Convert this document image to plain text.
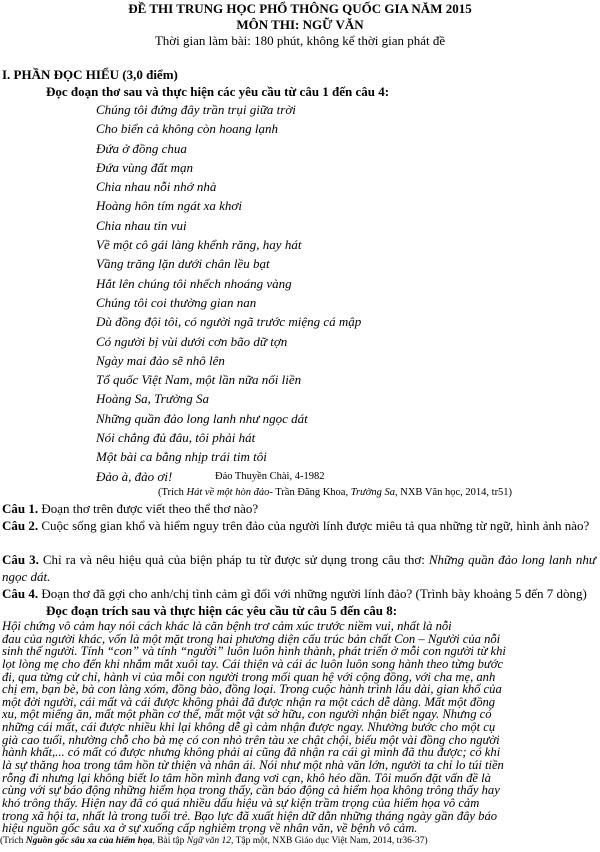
ĐỀ THI TRUNG HỌC PHỔ THÔNG QUỐC GIA NĂM 2015
MÔN THI: NGỮ VĂN
Thời gian làm bài: 180 phút, không kể thời gian phát đề
I. PHẦN ĐỌC HIỂU (3,0 điểm)
Đọc đoạn thơ sau và thực hiện các yêu cầu từ câu 1 đến câu 4:
Chúng tôi đứng đây trần trụi giữa trời
Cho biển cả không còn hoang lạnh
Đứa ở đồng chua
Đứa vùng đất mạn
Chia nhau nỗi nhớ nhà
Hoàng hôn tím ngát xa khơi
Chia nhau tin vui
Về một cô gái làng khểnh răng, hay hát
Vầng trăng lặn dưới chân lều bạt
Hắt lên chúng tôi nhếch nhoáng vàng
Chúng tôi coi thường gian nan
Dù đồng đội tôi, có người ngã trước miệng cá mập
Có người bị vùi dưới cơn bão dữ tợn
Ngày mai đảo sẽ nhô lên
Tổ quốc Việt Nam, một lần nữa nối liền
Hoàng Sa, Trường Sa
Những quần đảo long lanh như ngọc dát
Nói chẳng đủ đâu, tôi phải hát
Một bài ca bằng nhịp trái tim tôi
Đảo à, đảo ơi!	Đảo Thuyền Chài, 4-1982
(Trích Hát về một hòn đảo- Trần Đăng Khoa, Trường Sa, NXB Văn học, 2014, tr51)
Câu 1. Đoạn thơ trên được viết theo thể thơ nào?
Câu 2. Cuộc sống gian khổ và hiểm nguy trên đảo của người lính được miêu tả qua những từ ngữ, hình ảnh nào?
Hội chứng vô cảm hay nói cách khác là căn bệnh trơ cảm xúc trước niềm vui, nhất là nỗi
đau của người khác, vốn là một mặt trong hai phương diện cấu trúc bản chất Con – Người của nỗi
sinh thể người. Tính “con” và tính “người” luôn luôn hình thành, phát triển ở mỗi con người từ khi
lọt lòng mẹ cho đến khi nhắm mắt xuôi tay. Cái thiện và cái ác luôn luôn song hành theo từng bước
đi, qua từng cử chỉ, hành vi của mỗi con người trong mối quan hệ với cộng đồng, với cha mẹ, anh
chị em, bạn bè, bà con làng xóm, đồng bào, đồng loại. Trong cuộc hành trình lâu dài, gian khổ của
một đời người, cái mất và cái được không phải đã được nhận ra một cách dễ dàng. Mất một đồng
xu, một miếng ăn, mất một phần cơ thể, mất một vật sở hữu, con người nhận biết ngay. Nhưng có
những cái mất, cái được nhiều khi lại không dễ gì cảm nhận được ngay. Nhường bước cho một cụ
già cao tuổi, nhường chỗ cho bà mẹ có con nhỏ trên tàu xe chật chội, biếu một vài đồng cho người
hành khất,... có mất có được nhưng không phải ai cũng đã nhận ra cái gì mình đã thu được; có khi
là sự thăng hoa trong tâm hồn từ thiện và nhân ái. Nói như một nhà văn lớn, người ta chỉ lo túi tiền
rỗng đi nhưng lại không biết lo tâm hồn mình đang vơi cạn, khô héo dần. Tôi muốn đặt vấn đề là
cùng với sự báo động những hiểm họa trong thấy, cần báo động cả hiểm họa không trông thấy hay
khó trông thấy. Hiện nay đã có quá nhiều dấu hiệu và sự kiện trầm trọng của hiểm họa vô cảm
trong xã hội ta, nhất là trong tuổi trẻ. Bạo lực đã xuất hiện dữ dằn những tháng ngày gần đây báo
hiệu nguồn gốc sâu xa ở sự xuống cấp nghiêm trọng về nhân văn, về bệnh vô cảm.
(Trích Nguồn gốc sâu xa của hiểm họa, Bài tập Ngữ văn 12, Tập một, NXB Giáo dục Việt Nam, 2014, tr36-37)
Câu 3. Chỉ ra và nêu hiệu quả của biện pháp tu từ được sử dụng trong câu thơ: Những quần đảo long lanh như ngọc dát.
Câu 4. Đoạn thơ đã gợi cho anh/chị tình cảm gì đối với những người lính đảo? (Trình bày khoảng 5 đến 7 dòng)
Đọc đoạn trích sau và thực hiện các yêu cầu từ câu 5 đến câu 8:
